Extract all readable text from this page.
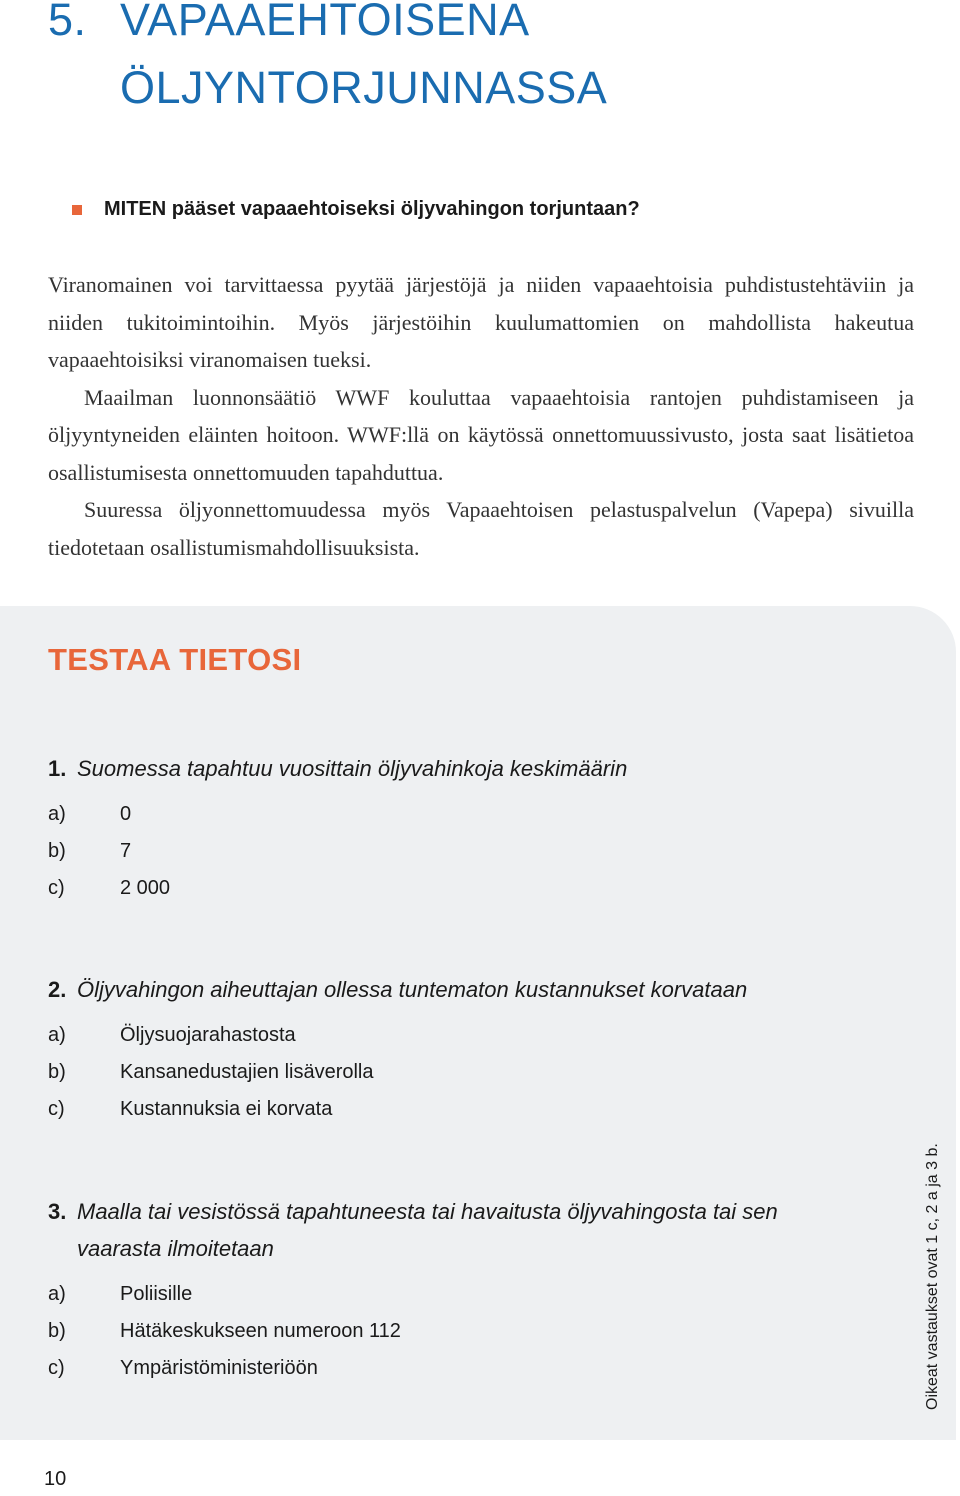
5. VAPAAEHTOISENA
ÖLJYNTORJUNNASSA
MITEN pääset vapaaehtoiseksi öljyvahingon torjuntaan?

Viranomainen voi tarvittaessa pyytää järjestöjä ja niiden vapaaehtoisia puhdistustehtäviin ja niiden tukitoimintoihin. Myös järjestöihin kuulumattomien on mahdollista hakeutua vapaaehtoisiksi viranomaisen tueksi.

Maailman luonnonsäätiö WWF kouluttaa vapaaehtoisia rantojen puhdistamiseen ja öljyyntyneiden eläinten hoitoon. WWF:llä on käytössä onnettomuussivusto, josta saat lisätietoa osallistumisesta onnettomuuden tapahduttua.

Suuressa öljyonnettomuudessa myös Vapaaehtoisen pelastuspalvelun (Vapepa) sivuilla tiedotetaan osallistumismahdollisuuksista.

TESTAA TIETOSI
1. Suomessa tapahtuu vuosittain öljyvahinkoja keskimäärin
a)	0
b)	7
c)	2 000
2. Öljyvahingon aiheuttajan ollessa tuntematon kustannukset korvataan
a)	Öljysuojarahastosta
b)	Kansanedustajien lisäverolla
c)	Kustannuksia ei korvata
3. Maalla tai vesistössä tapahtuneesta tai havaitusta öljyvahingosta tai sen vaarasta ilmoitetaan
a)	Poliisille
b)	Hätäkeskukseen numeroon 112
c)	Ympäristöministeriöön	Oikeat vastaukset ovat 1 c, 2 a ja 3 b.
10
